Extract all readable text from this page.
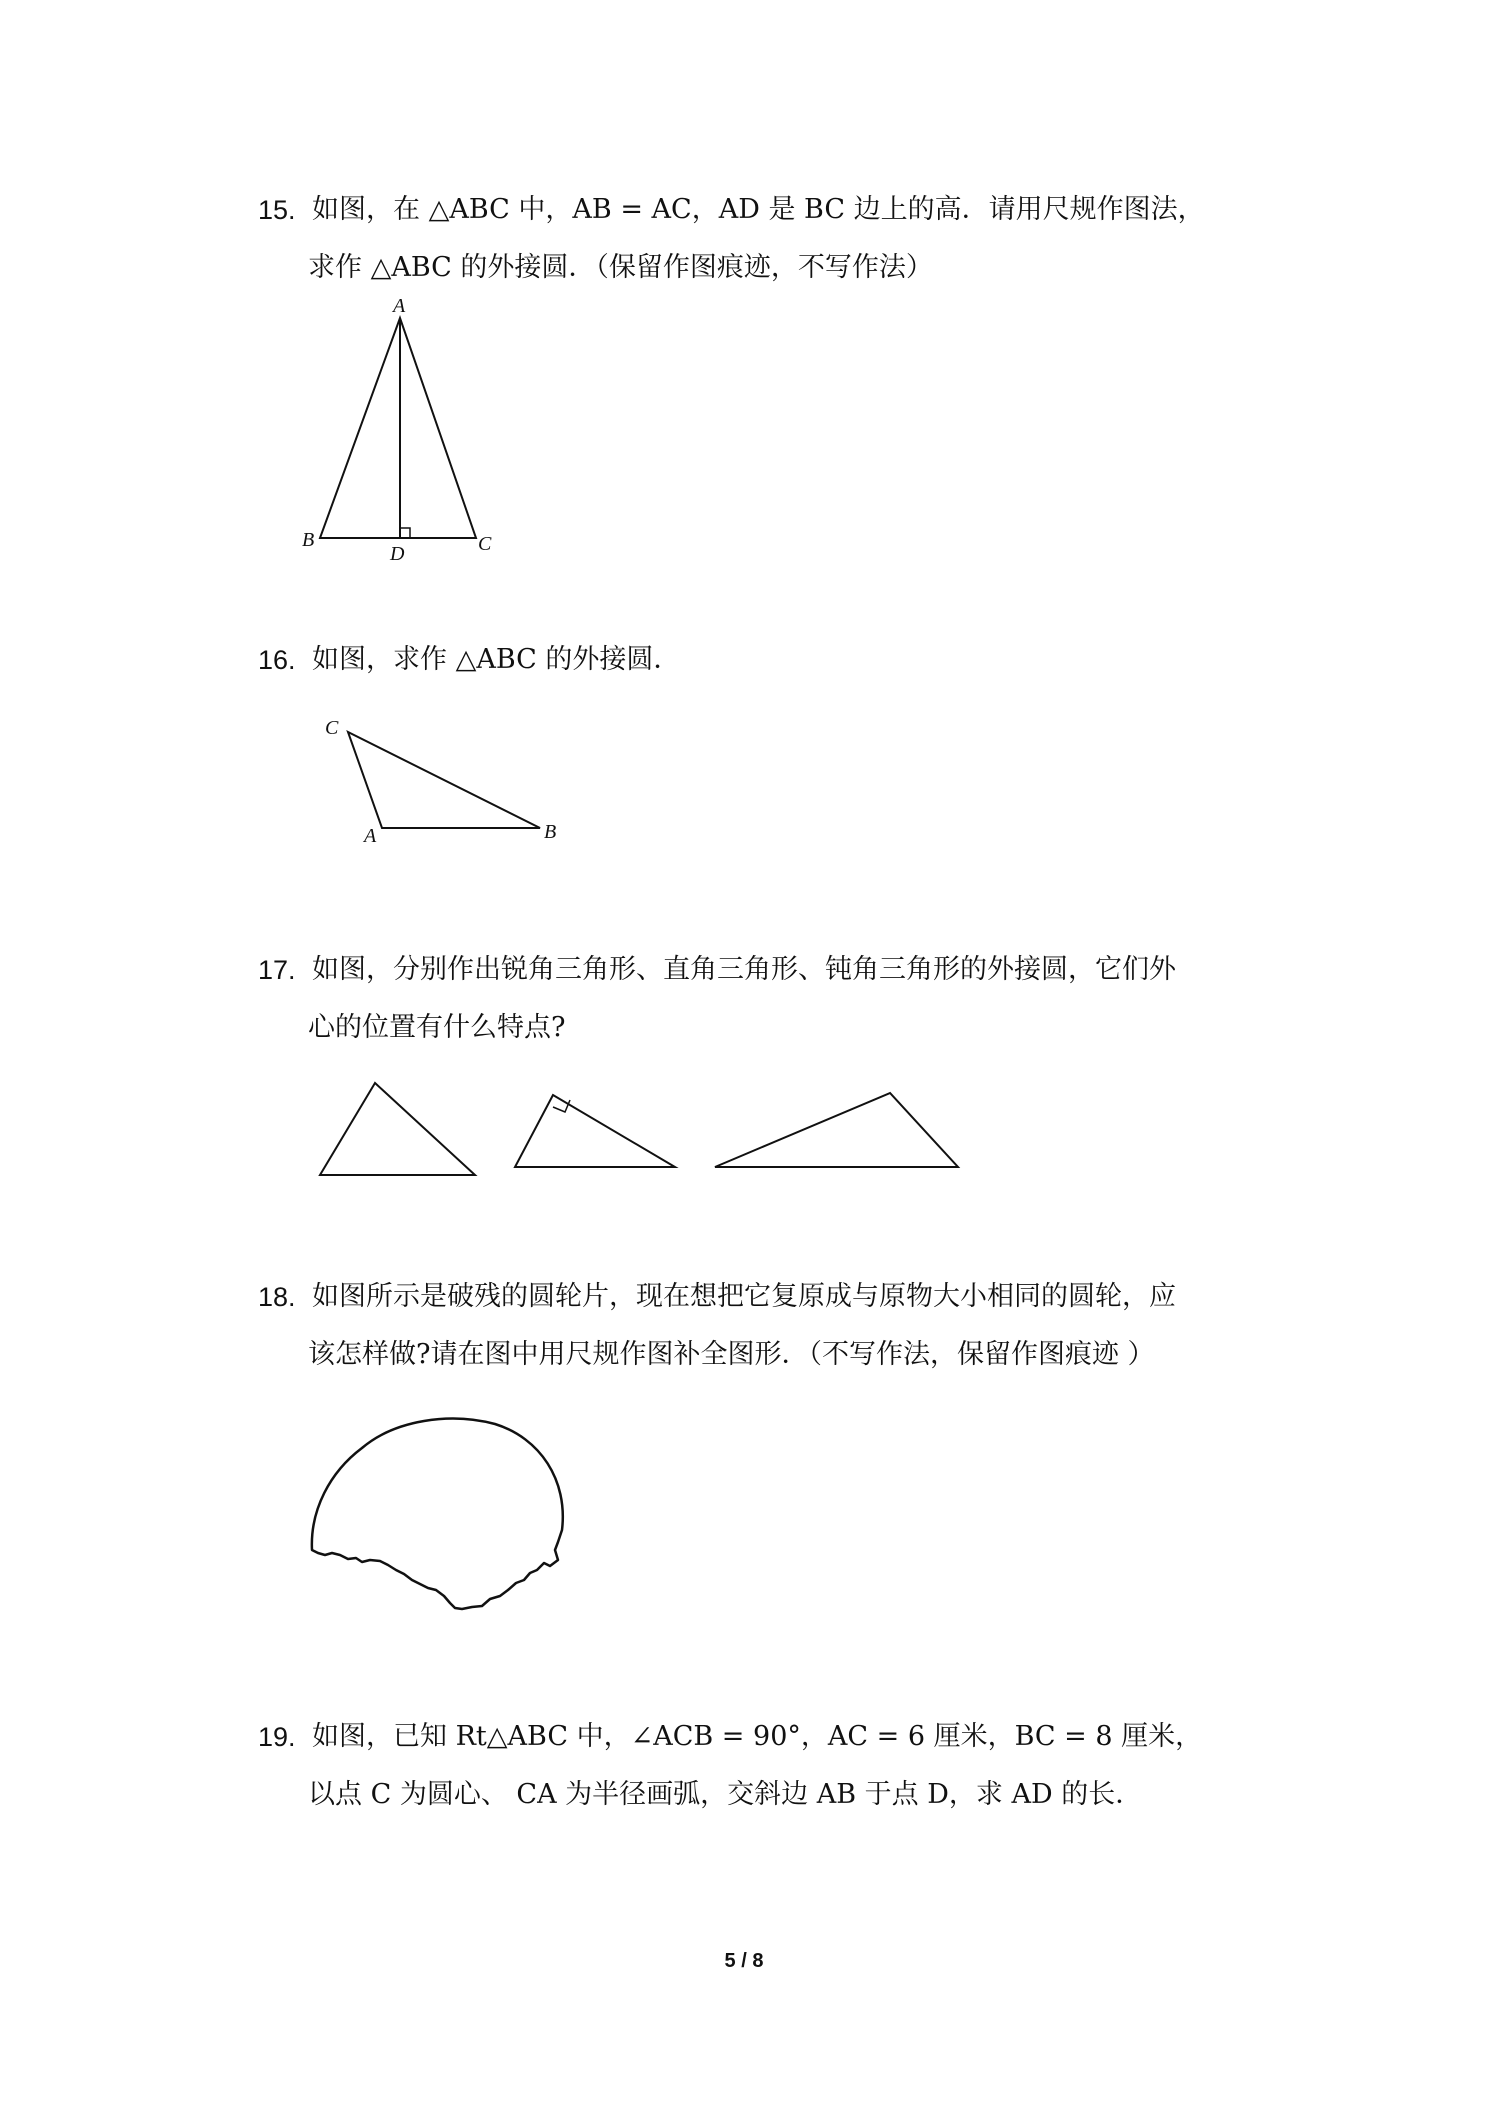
15. 如图，在 △ABC 中，AB = AC，AD 是 BC 边上的高．请用尺规作图法，
求作 △ABC 的外接圆．（保留作图痕迹，不写作法）
A
B	C
D
16. 如图，求作 △ABC 的外接圆．
C
A	B
17. 如图，分别作出锐角三角形、直角三角形、钝角三角形的外接圆，它们外
心的位置有什么特点?
18. 如图所示是破残的圆轮片，现在想把它复原成与原物大小相同的圆轮，应
该怎样做?请在图中用尺规作图补全图形．（不写作法，保留作图痕迹 ）
19. 如图，已知 Rt△ABC 中，∠ACB = 90°，AC = 6 厘米，BC = 8 厘米，
以点 C 为圆心、 CA 为半径画弧，交斜边 AB 于点 D，求 AD 的长．
5 / 8
